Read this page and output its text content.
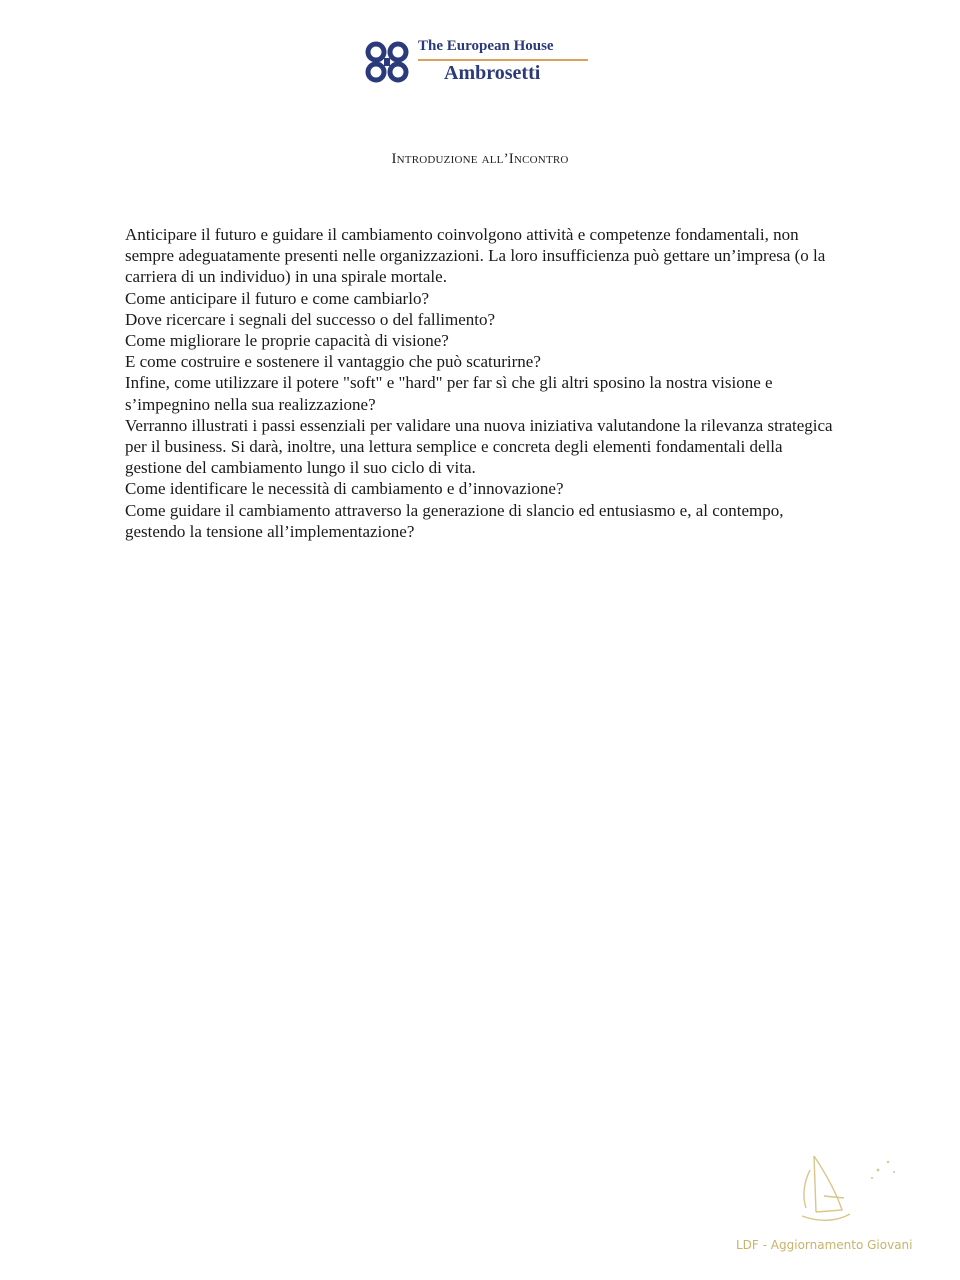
The European House
Ambrosetti
Introduzione all’Incontro

Anticipare il futuro e guidare il cambiamento coinvolgono attività e competenze fondamentali, non sempre adeguatamente presenti nelle organizzazioni. La loro insufficienza può gettare un’impresa (o la carriera di un individuo) in una spirale mortale.

Come anticipare il futuro e come cambiarlo?

Dove ricercare i segnali del successo o del fallimento?

Come migliorare le proprie capacità di visione?

E come costruire e sostenere il vantaggio che può scaturirne?

Infine, come utilizzare il potere "soft" e "hard" per far sì che gli altri sposino la nostra visione e s’impegnino nella sua realizzazione?

Verranno illustrati i passi essenziali per validare una nuova iniziativa valutandone la rilevanza strategica per il business. Si darà, inoltre, una lettura semplice e concreta degli elementi fondamentali della gestione del cambiamento lungo il suo ciclo di vita.

Come identificare le necessità di cambiamento e d’innovazione?

Come guidare il cambiamento attraverso la generazione di slancio ed entusiasmo e, al contempo, gestendo la tensione all’implementazione?

LDF - Aggiornamento Giovani
